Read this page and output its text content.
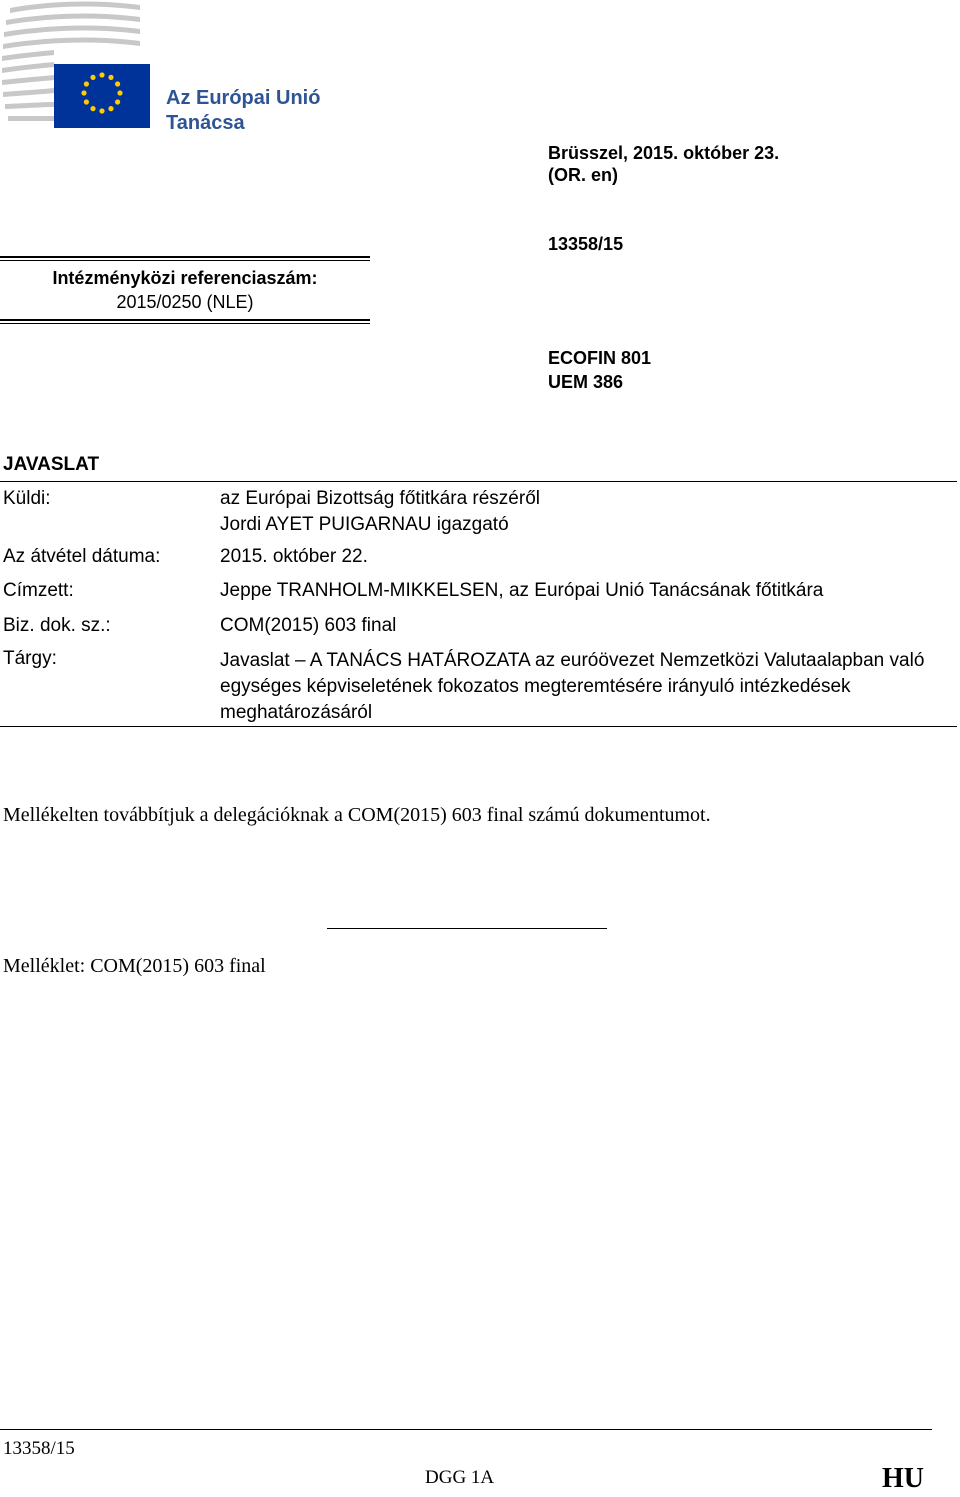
Az Európai Unió
Tanácsa
Brüsszel, 2015. október 23.
(OR. en)
13358/15
ECOFIN 801
UEM 386
Intézményközi referenciaszám:
2015/0250 (NLE)
JAVASLAT
Küldi:	az Európai Bizottság főtitkára részéről
Jordi AYET PUIGARNAU igazgató
Az átvétel dátuma:	2015. október 22.
Címzett:	Jeppe TRANHOLM-MIKKELSEN, az Európai Unió Tanácsának főtitkára
Biz. dok. sz.:	COM(2015) 603 final
Tárgy:	Javaslat – A TANÁCS HATÁROZATA az euróövezet Nemzetközi Valutaalapban való egységes képviseletének fokozatos megteremtésére irányuló intézkedések meghatározásáról
Mellékelten továbbítjuk a delegációknak a COM(2015) 603 final számú dokumentumot.
Melléklet: COM(2015) 603 final
13358/15
DGG 1A	HU
